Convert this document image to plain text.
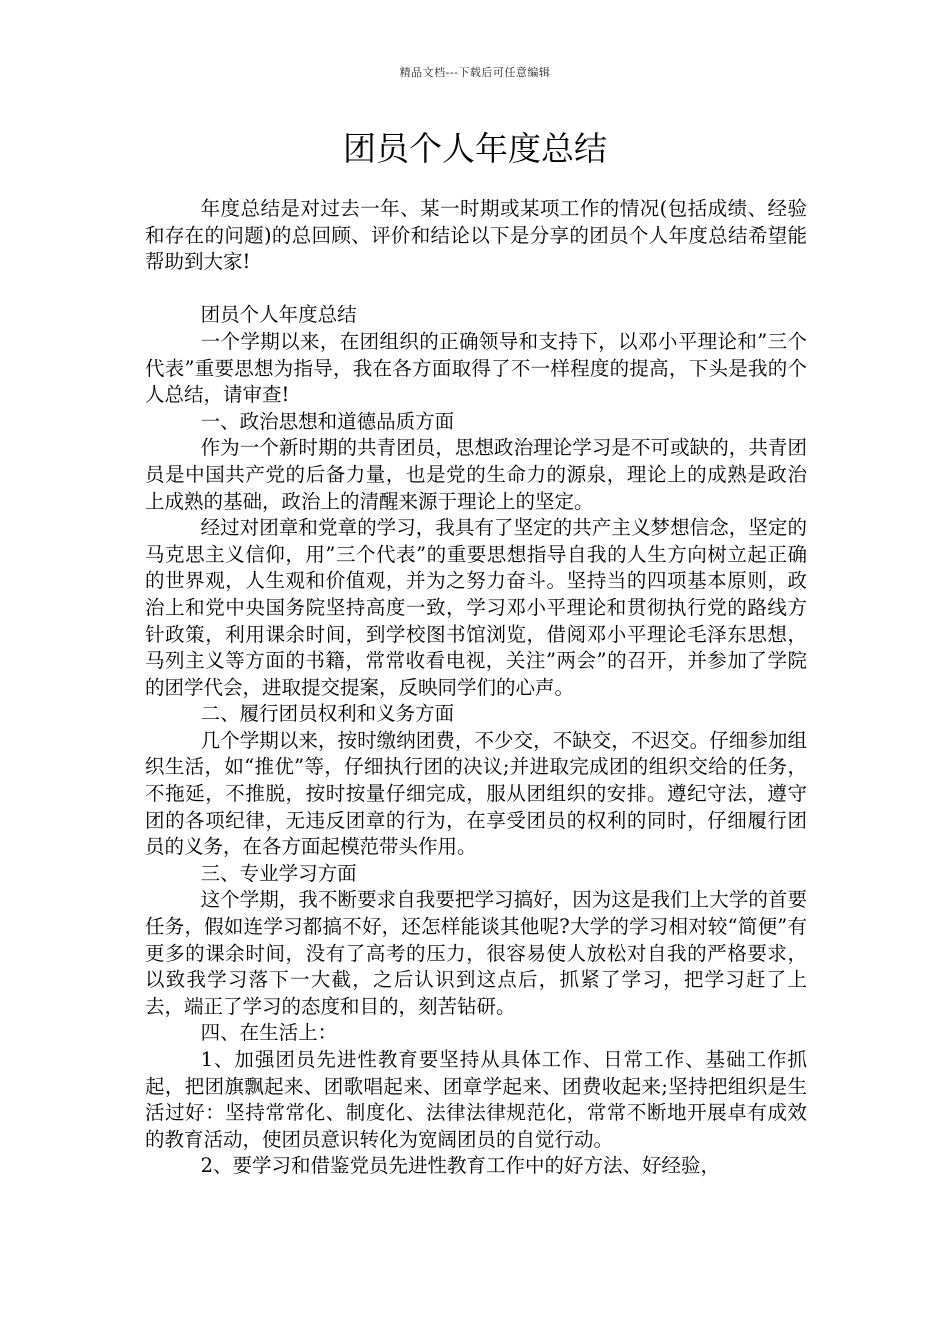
精品文档---下载后可任意编辑
团员个人年度总结

年度总结是对过去一年、某一时期或某项工作的情况(包括成绩、经验和存在的问题)的总回顾、评价和结论以下是分享的团员个人年度总结希望能帮助到大家!

团员个人年度总结

一个学期以来，在团组织的正确领导和支持下，以邓小平理论和”三个代表”重要思想为指导，我在各方面取得了不一样程度的提高，下头是我的个人总结，请审查!

一、政治思想和道德品质方面

作为一个新时期的共青团员，思想政治理论学习是不可或缺的，共青团员是中国共产党的后备力量，也是党的生命力的源泉，理论上的成熟是政治上成熟的基础，政治上的清醒来源于理论上的坚定。

经过对团章和党章的学习，我具有了坚定的共产主义梦想信念，坚定的马克思主义信仰，用”三个代表”的重要思想指导自我的人生方向树立起正确的世界观，人生观和价值观，并为之努力奋斗。坚持当的四项基本原则，政治上和党中央国务院坚持高度一致，学习邓小平理论和贯彻执行党的路线方针政策，利用课余时间，到学校图书馆浏览，借阅邓小平理论毛泽东思想，马列主义等方面的书籍，常常收看电视，关注”两会”的召开，并参加了学院的团学代会，进取提交提案，反映同学们的心声。

二、履行团员权利和义务方面

几个学期以来，按时缴纳团费，不少交，不缺交，不迟交。仔细参加组织生活，如“推优”等，仔细执行团的决议;并进取完成团的组织交给的任务，不拖延，不推脱，按时按量仔细完成，服从团组织的安排。遵纪守法，遵守团的各项纪律，无违反团章的行为，在享受团员的权利的同时，仔细履行团员的义务，在各方面起模范带头作用。

三、专业学习方面

这个学期，我不断要求自我要把学习搞好，因为这是我们上大学的首要任务，假如连学习都搞不好，还怎样能谈其他呢?大学的学习相对较“简便”有更多的课余时间，没有了高考的压力，很容易使人放松对自我的严格要求，以致我学习落下一大截，之后认识到这点后，抓紧了学习，把学习赶了上去，端正了学习的态度和目的，刻苦钻研。

四、在生活上：

1、加强团员先进性教育要坚持从具体工作、日常工作、基础工作抓起，把团旗飘起来、团歌唱起来、团章学起来、团费收起来;坚持把组织是生活过好：坚持常常化、制度化、法律法律规范化，常常不断地开展卓有成效的教育活动，使团员意识转化为宽阔团员的自觉行动。

2、要学习和借鉴党员先进性教育工作中的好方法、好经验，
